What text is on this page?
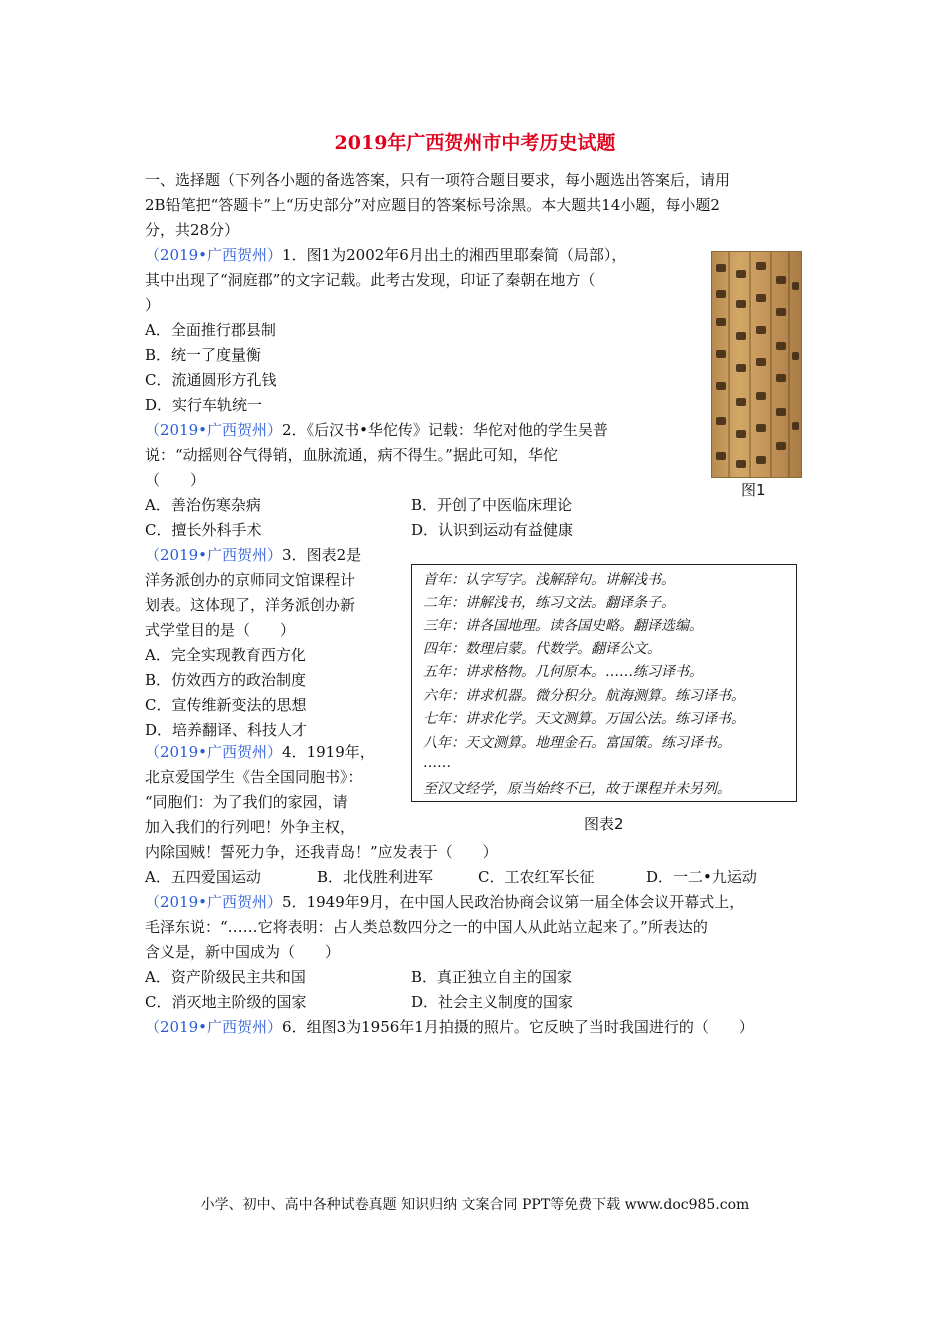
2019年广西贺州市中考历史试题
一、选择题（下列各小题的备选答案，只有一项符合题目要求，每小题选出答案后，请用
2B铅笔把“答题卡”上“历史部分”对应题目的答案标号涂黑。本大题共14小题，每小题2
分，共28分）
（2019•广西贺州）1．图1为2002年6月出土的湘西里耶秦简（局部），
其中出现了“洞庭郡”的文字记载。此考古发现，印证了秦朝在地方（
）
A．全面推行郡县制
B．统一了度量衡
C．流通圆形方孔钱
D．实行车轨统一
图1
（2019•广西贺州）2．《后汉书•华佗传》记载：华佗对他的学生吴普
说：“动摇则谷气得销，血脉流通，病不得生。”据此可知，华佗
（　　）
A．善治伤寒杂病	B．开创了中医临床理论
C．擅长外科手术	D．认识到运动有益健康
（2019•广西贺州）3．图表2是
洋务派创办的京师同文馆课程计
划表。这体现了，洋务派创办新
式学堂目的是（　　）
A．完全实现教育西方化
B．仿效西方的政治制度
C．宣传维新变法的思想
D．培养翻译、科技人才
首年：认字写字。浅解辞句。讲解浅书。
二年：讲解浅书，练习文法。翻译条子。
三年：讲各国地理。读各国史略。翻译选编。
四年：数理启蒙。代数学。翻译公文。
五年：讲求格物。几何原本。……练习译书。
六年：讲求机器。微分积分。航海测算。练习译书。
七年：讲求化学。天文测算。万国公法。练习译书。
八年：天文测算。地理金石。富国策。练习译书。
……
至汉文经学，原当始终不已，故于课程并未另列。
图表2
（2019•广西贺州）4．1919年，
北京爱国学生《告全国同胞书》：
“同胞们：为了我们的家园，请
加入我们的行列吧！外争主权，
内除国贼！誓死力争，还我青岛！”应发表于（　　）
A．五四爱国运动	B．北伐胜利进军	C．工农红军长征	D．一二•九运动
（2019•广西贺州）5．1949年9月，在中国人民政治协商会议第一届全体会议开幕式上，
毛泽东说：“……它将表明：占人类总数四分之一的中国人从此站立起来了。”所表达的
含义是，新中国成为（　　）
A．资产阶级民主共和国	B．真正独立自主的国家
C．消灭地主阶级的国家	D．社会主义制度的国家
（2019•广西贺州）6．组图3为1956年1月拍摄的照片。它反映了当时我国进行的（　　）
小学、初中、高中各种试卷真题 知识归纳 文案合同 PPT等免费下载 www.doc985.com
